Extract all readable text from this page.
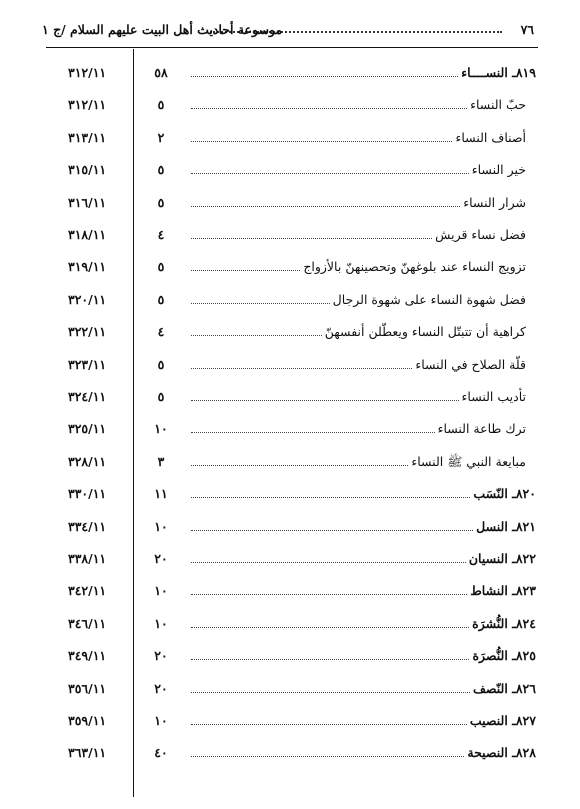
٧٦
موسوعة أحاديث أهل البيت عليهم السلام /ج ١
٣١٢/١١	٥٨	٨١٩ـ النســــاء
٣١٢/١١	٥	حبّ النساء
٣١٣/١١	٢	أصناف النساء
٣١٥/١١	٥	خير النساء
٣١٦/١١	٥	شرار النساء
٣١٨/١١	٤	فضل نساء قريش
٣١٩/١١	٥	تزويج النساء عند بلوغهنّ وتحصينهنّ بالأزواج
٣٢٠/١١	٥	فضل شهوة النساء على شهوة الرجال
٣٢٢/١١	٤	كراهية أن تتبتّل النساء ويعطّلن أنفسهنّ
٣٢٣/١١	٥	قلّة الصلاح في النساء
٣٢٤/١١	٥	تأديب النساء
٣٢٥/١١	١٠	ترك طاعة النساء
٣٢٨/١١	٣	مبايعة النبي ﷺ النساء
٣٣٠/١١	١١	٨٢٠ـ النّسَب
٣٣٤/١١	١٠	٨٢١ـ النسل
٣٣٨/١١	٢٠	٨٢٢ـ النسيان
٣٤٢/١١	١٠	٨٢٣ـ النشاط
٣٤٦/١١	١٠	٨٢٤ـ النُّشرَة
٣٤٩/١١	٢٠	٨٢٥ـ النُّصرَة
٣٥٦/١١	٢٠	٨٢٦ـ النّصف
٣٥٩/١١	١٠	٨٢٧ـ النصيب
٣٦٣/١١	٤٠	٨٢٨ـ النصيحة
